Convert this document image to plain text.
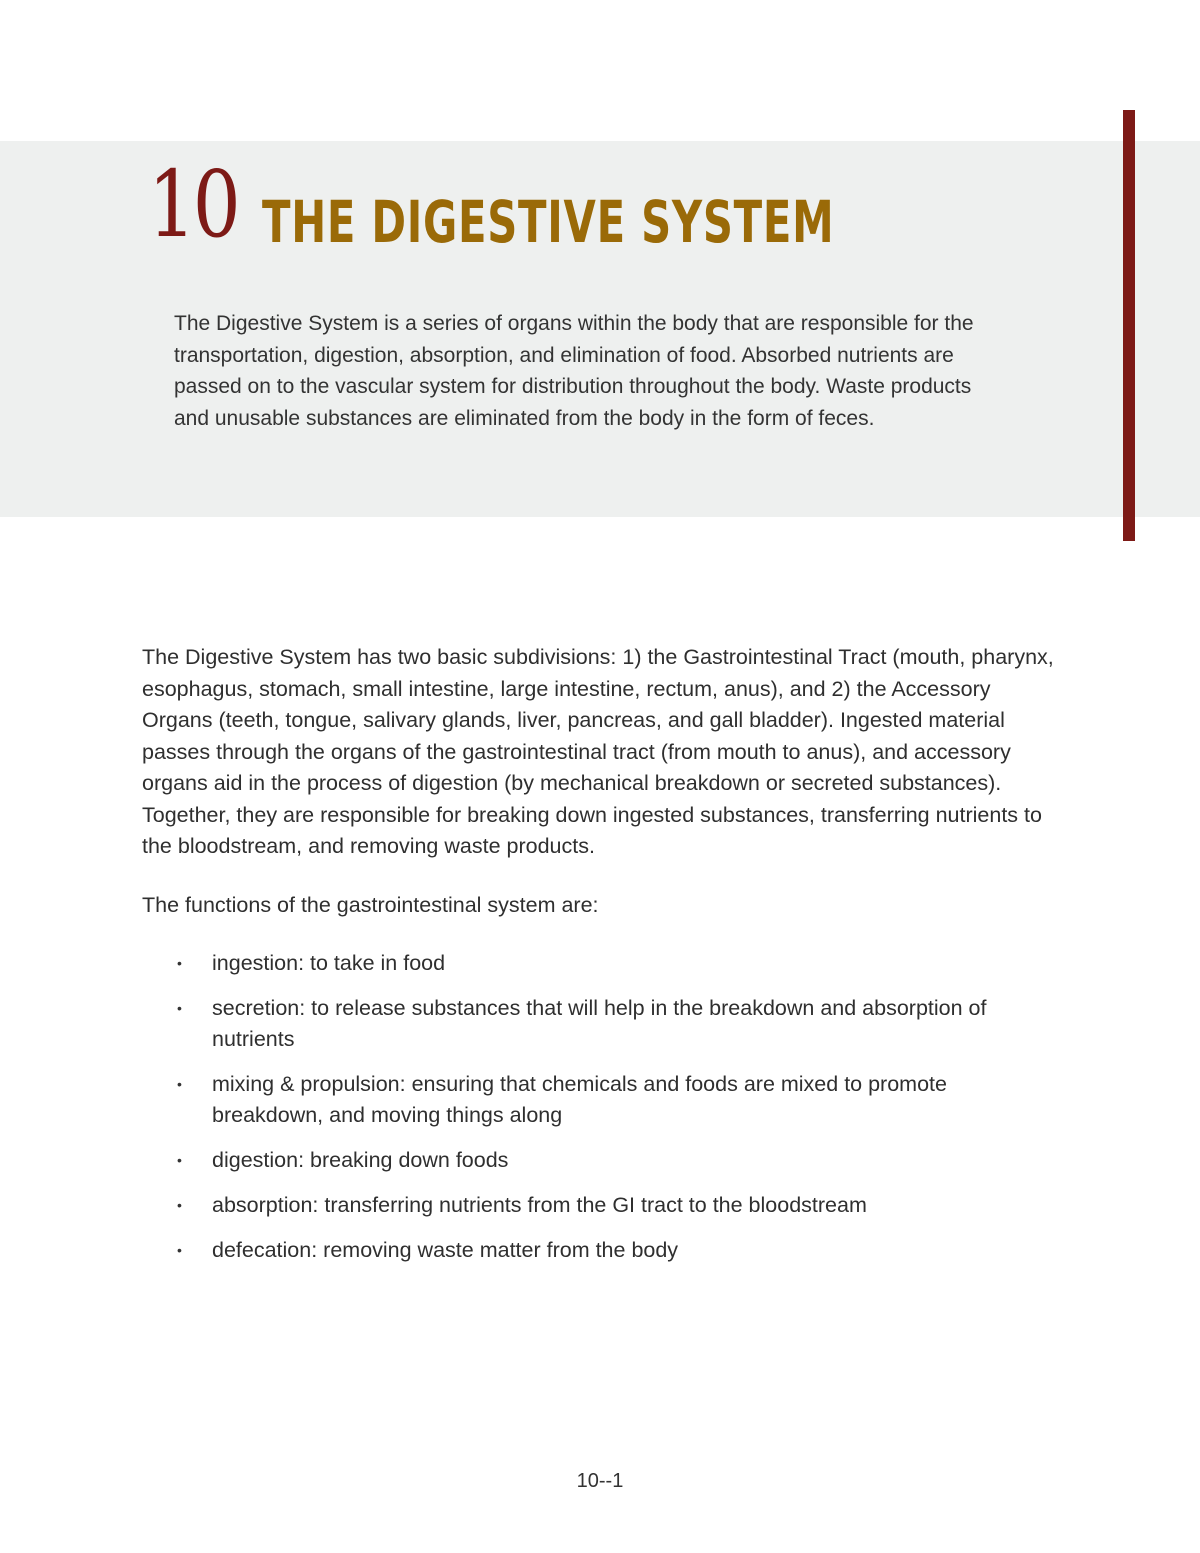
10 THE DIGESTIVE SYSTEM

The Digestive System is a series of organs within the body that are responsible for the transportation, digestion, absorption, and elimination of food. Absorbed nutrients are passed on to the vascular system for distribution throughout the body. Waste products and unusable substances are eliminated from the body in the form of feces.

The Digestive System has two basic subdivisions: 1) the Gastrointestinal Tract (mouth, pharynx, esophagus, stomach, small intestine, large intestine, rectum, anus), and 2) the Accessory Organs (teeth, tongue, salivary glands, liver, pancreas, and gall bladder). Ingested material passes through the organs of the gastrointestinal tract (from mouth to anus), and accessory organs aid in the process of digestion (by mechanical breakdown or secreted substances). Together, they are responsible for breaking down ingested substances, transferring nutrients to the bloodstream, and removing waste products.

The functions of the gastrointestinal system are:

• ingestion: to take in food
• secretion: to release substances that will help in the breakdown and absorption of nutrients
• mixing & propulsion: ensuring that chemicals and foods are mixed to promote breakdown, and moving things along
• digestion: breaking down foods
• absorption: transferring nutrients from the GI tract to the bloodstream
• defecation: removing waste matter from the body
10--1
